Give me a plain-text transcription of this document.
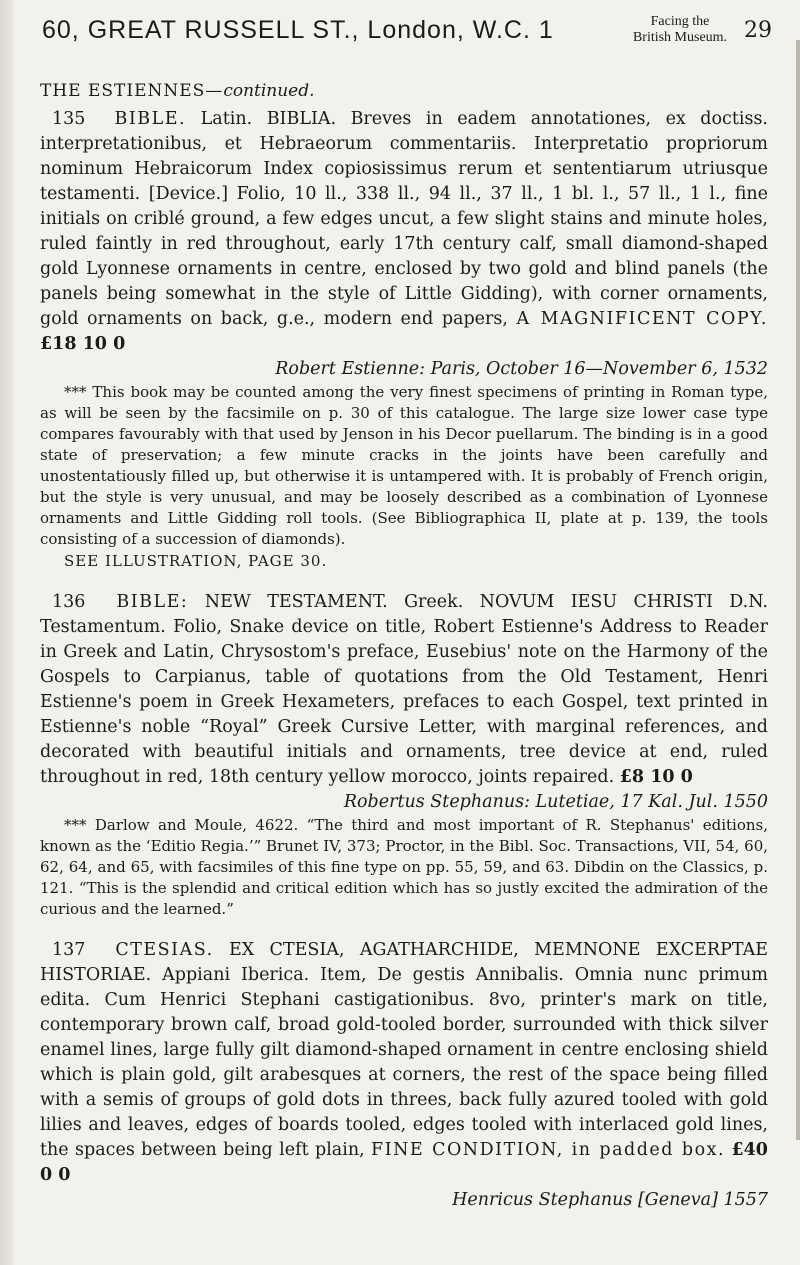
60, GREAT RUSSELL ST., London, W.C. 1	Facing the
British Museum. 29
THE ESTIENNES—continued.

135 BIBLE. Latin. BIBLIA. Breves in eadem annotationes, ex doctiss. interpretationibus, et Hebraeorum commentariis. Interpretatio propriorum nominum Hebraicorum Index copiosissimus rerum et sententiarum utriusque testamenti. [Device.] Folio, 10 ll., 338 ll., 94 ll., 37 ll., 1 bl. l., 57 ll., 1 l., fine initials on criblé ground, a few edges uncut, a few slight stains and minute holes, ruled faintly in red throughout, early 17th century calf, small diamond-shaped gold Lyonnese ornaments in centre, enclosed by two gold and blind panels (the panels being somewhat in the style of Little Gidding), with corner ornaments, gold ornaments on back, g.e., modern end papers, A MAGNIFICENT COPY. £18 10 0

Robert Estienne: Paris, October 16—November 6, 1532

*** This book may be counted among the very finest specimens of printing in Roman type, as will be seen by the facsimile on p. 30 of this catalogue. The large size lower case type compares favourably with that used by Jenson in his Decor puellarum. The binding is in a good state of preservation; a few minute cracks in the joints have been carefully and unostentatiously filled up, but otherwise it is untampered with. It is probably of French origin, but the style is very unusual, and may be loosely described as a combination of Lyonnese ornaments and Little Gidding roll tools. (See Bibliographica II, plate at p. 139, the tools consisting of a succession of diamonds).

SEE ILLUSTRATION, PAGE 30.

136 BIBLE: NEW TESTAMENT. Greek. NOVUM IESU CHRISTI D.N. Testamentum. Folio, Snake device on title, Robert Estienne's Address to Reader in Greek and Latin, Chrysostom's preface, Eusebius' note on the Harmony of the Gospels to Carpianus, table of quotations from the Old Testament, Henri Estienne's poem in Greek Hexameters, prefaces to each Gospel, text printed in Estienne's noble “Royal” Greek Cursive Letter, with marginal references, and decorated with beautiful initials and ornaments, tree device at end, ruled throughout in red, 18th century yellow morocco, joints repaired. £8 10 0

Robertus Stephanus: Lutetiae, 17 Kal. Jul. 1550

*** Darlow and Moule, 4622. “The third and most important of R. Stephanus' editions, known as the ‘Editio Regia.’” Brunet IV, 373; Proctor, in the Bibl. Soc. Transactions, VII, 54, 60, 62, 64, and 65, with facsimiles of this fine type on pp. 55, 59, and 63. Dibdin on the Classics, p. 121. “This is the splendid and critical edition which has so justly excited the admiration of the curious and the learned.”

137 CTESIAS. EX CTESIA, AGATHARCHIDE, MEMNONE EXCERPTAE HISTORIAE. Appiani Iberica. Item, De gestis Annibalis. Omnia nunc primum edita. Cum Henrici Stephani castigationibus. 8vo, printer's mark on title, contemporary brown calf, broad gold-tooled border, surrounded with thick silver enamel lines, large fully gilt diamond-shaped ornament in centre enclosing shield which is plain gold, gilt arabesques at corners, the rest of the space being filled with a semis of groups of gold dots in threes, back fully azured tooled with gold lilies and leaves, edges of boards tooled, edges tooled with interlaced gold lines, the spaces between being left plain, FINE CONDITION, in padded box. £40 0 0

Henricus Stephanus [Geneva] 1557
